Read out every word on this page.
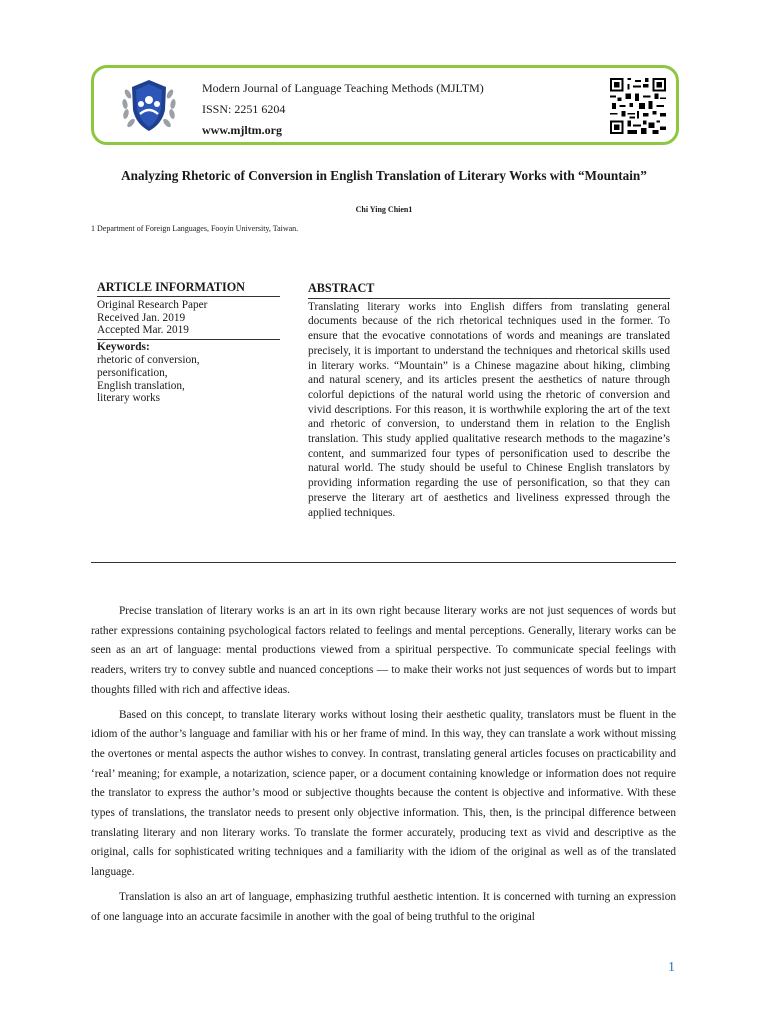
Modern Journal of Language Teaching Methods (MJLTM)
ISSN: 2251 6204
www.mjltm.org
Analyzing Rhetoric of Conversion in English Translation of Literary Works with “Mountain”
Chi Ying Chien1
1 Department of Foreign Languages, Fooyin University, Taiwan.
ARTICLE INFORMATION
Original Research Paper
Received Jan. 2019
Accepted Mar. 2019
Keywords:
rhetoric of conversion,
personification,
English translation,
literary works
ABSTRACT
Translating literary works into English differs from translating general documents because of the rich rhetorical techniques used in the former. To ensure that the evocative connotations of words and meanings are translated precisely, it is important to understand the techniques and rhetorical skills used in literary works. “Mountain” is a Chinese magazine about hiking, climbing and natural scenery, and its articles present the aesthetics of nature through colorful depictions of the natural world using the rhetoric of conversion and vivid descriptions. For this reason, it is worthwhile exploring the art of the text and rhetoric of conversion, to understand them in relation to the English translation. This study applied qualitative research methods to the magazine’s content, and summarized four types of personification used to describe the natural world. The study should be useful to Chinese English translators by providing information regarding the use of personification, so that they can preserve the literary art of aesthetics and liveliness expressed through the applied techniques.

Precise translation of literary works is an art in its own right because literary works are not just sequences of words but rather expressions containing psychological factors related to feelings and mental perceptions. Generally, literary works can be seen as an art of language: mental productions viewed from a spiritual perspective. To communicate special feelings with readers, writers try to convey subtle and nuanced conceptions — to make their works not just sequences of words but to impart thoughts filled with rich and affective ideas.

Based on this concept, to translate literary works without losing their aesthetic quality, translators must be fluent in the idiom of the author’s language and familiar with his or her frame of mind. In this way, they can translate a work without missing the overtones or mental aspects the author wishes to convey. In contrast, translating general articles focuses on practicability and ‘real’ meaning; for example, a notarization, science paper, or a document containing knowledge or information does not require the translator to express the author’s mood or subjective thoughts because the content is objective and informative. With these types of translations, the translator needs to present only objective information. This, then, is the principal difference between translating literary and non literary works. To translate the former accurately, producing text as vivid and descriptive as the original, calls for sophisticated writing techniques and a familiarity with the idiom of the original as well as of the translated language.

Translation is also an art of language, emphasizing truthful aesthetic intention. It is concerned with turning an expression of one language into an accurate facsimile in another with the goal of being truthful to the original

1
